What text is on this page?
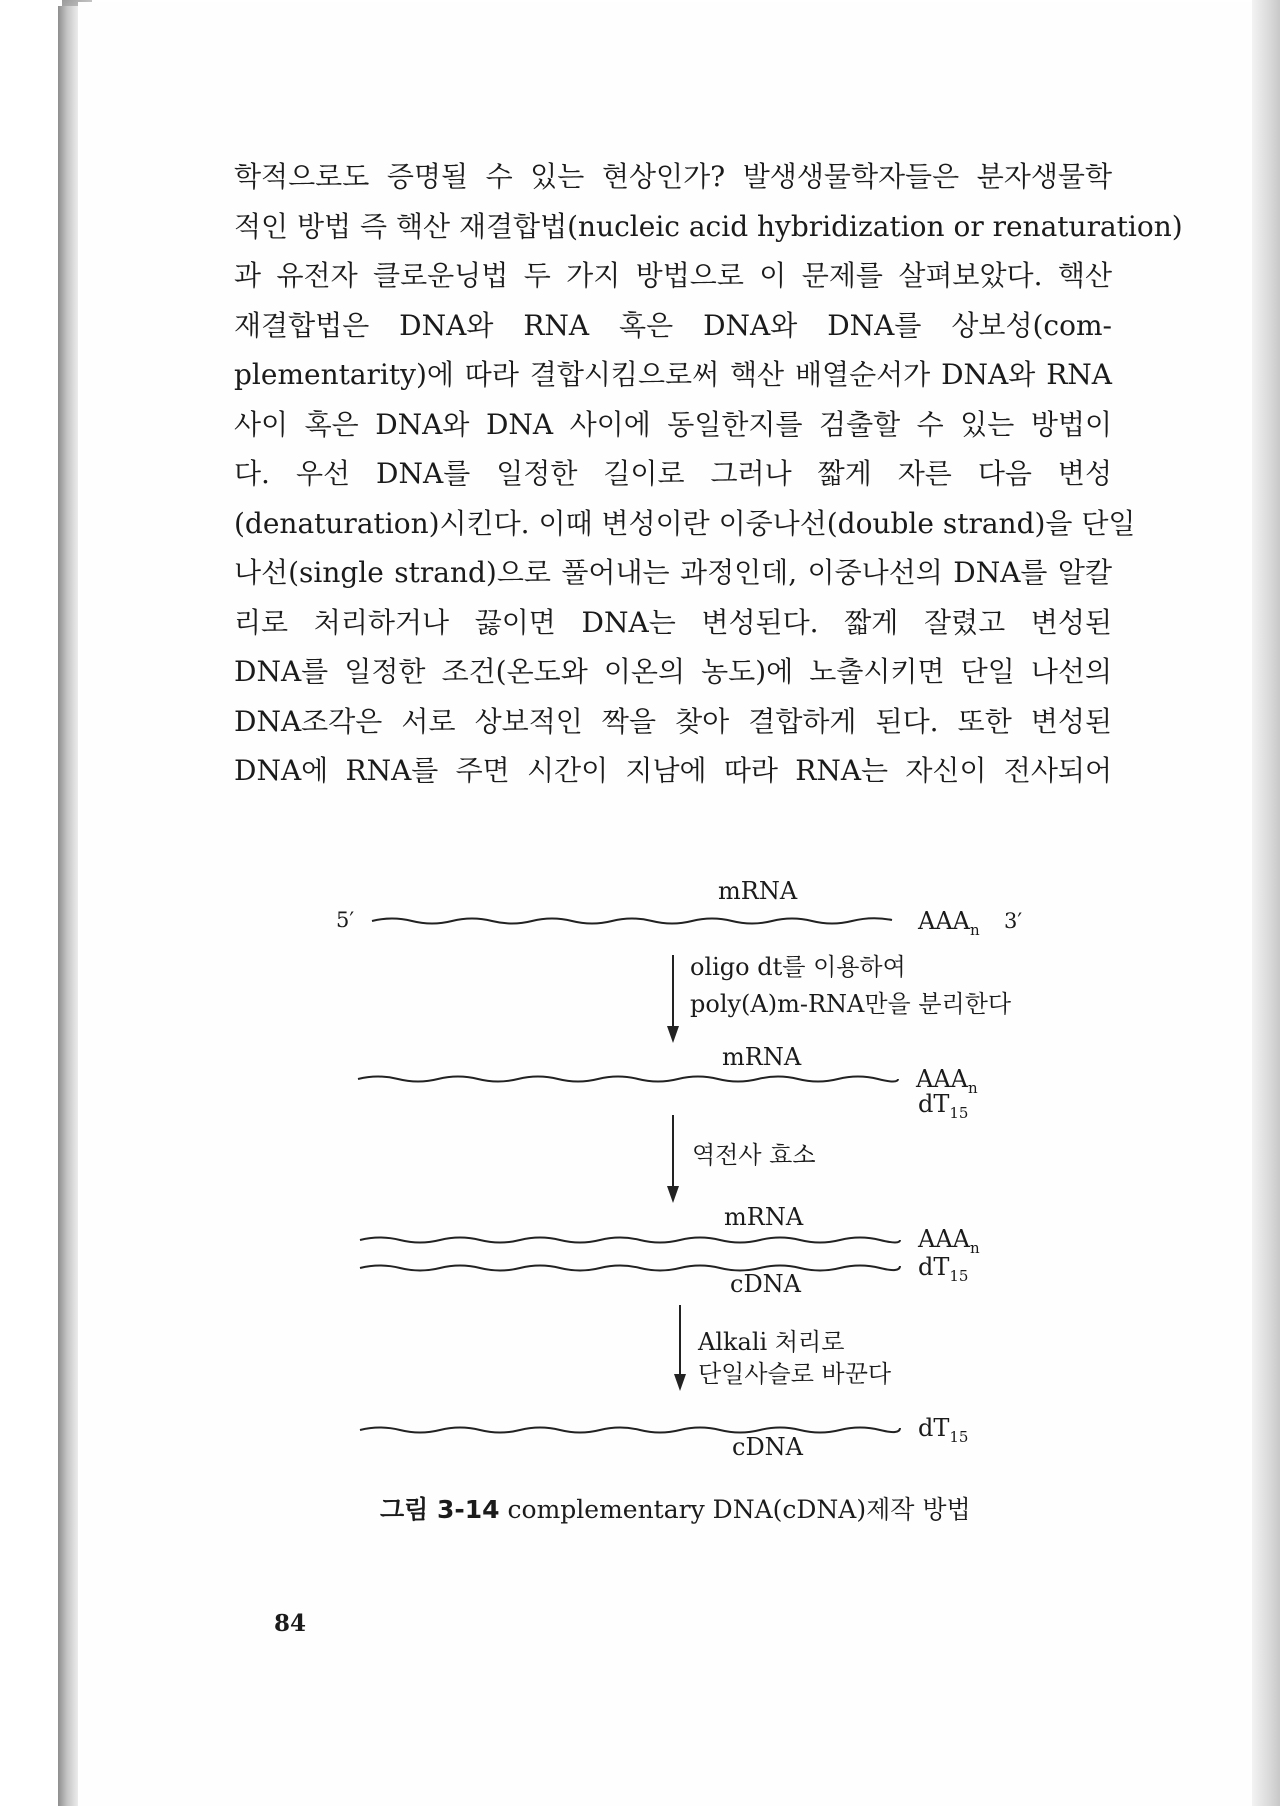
학적으로도 증명될 수 있는 현상인가? 발생생물학자들은 분자생물학
적인 방법 즉 핵산 재결합법(nucleic acid hybridization or renaturation)
과 유전자 클로운닝법 두 가지 방법으로 이 문제를 살펴보았다. 핵산
재결합법은 DNA와 RNA 혹은 DNA와 DNA를 상보성(com-
plementarity)에 따라 결합시킴으로써 핵산 배열순서가 DNA와 RNA
사이 혹은 DNA와 DNA 사이에 동일한지를 검출할 수 있는 방법이
다. 우선 DNA를 일정한 길이로 그러나 짧게 자른 다음 변성
(denaturation)시킨다. 이때 변성이란 이중나선(double strand)을 단일
나선(single strand)으로 풀어내는 과정인데, 이중나선의 DNA를 알칼
리로 처리하거나 끓이면 DNA는 변성된다. 짧게 잘렸고 변성된
DNA를 일정한 조건(온도와 이온의 농도)에 노출시키면 단일 나선의
DNA조각은 서로 상보적인 짝을 찾아 결합하게 된다. 또한 변성된
DNA에 RNA를 주면 시간이 지남에 따라 RNA는 자신이 전사되어
5′
mRNA
$AAA_n$ 3′
oligo dt를 이용하여
poly(A)m-RNA만을 분리한다
mRNA
$AAA_n$
$dT_{15}$
역전사 효소
mRNA
$AAA_n$
$dT_{15}$
cDNA
Alkali 처리로
단일사슬로 바꾼다
$dT_{15}$
cDNA
그림 3-14 complementary DNA(cDNA)제작 방법
84
